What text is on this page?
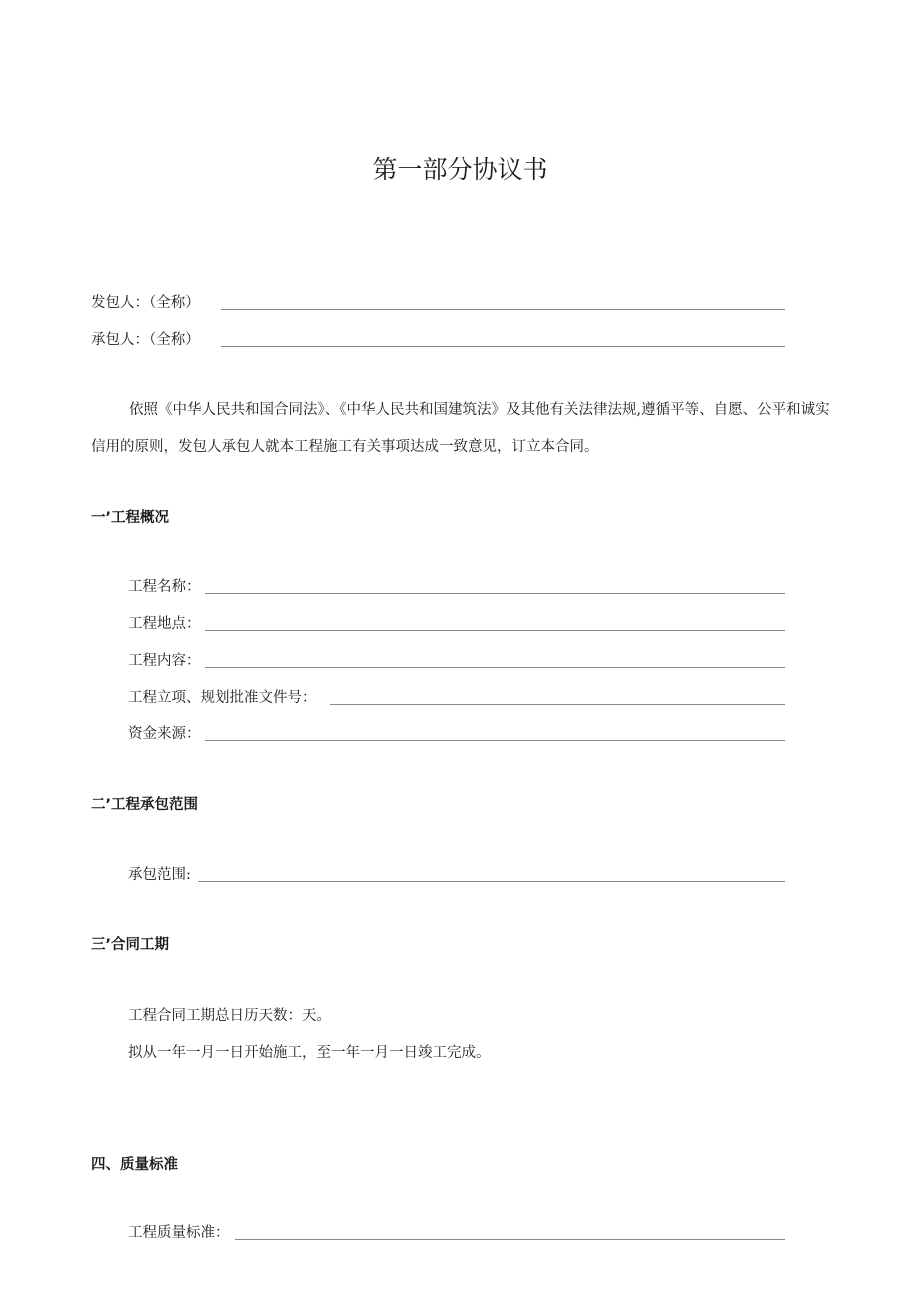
第一部分协议书
发包人：（全称）
承包人：（全称）
依照《中华人民共和国合同法》、《中华人民共和国建筑法》及其他有关法律法规,遵循平等、自愿、公平和诚实信用的原则，发包人承包人就本工程施工有关事项达成一致意见，订立本合同。
一’工程概况
工程名称：
工程地点：
工程内容：
工程立项、规划批准文件号：
资金来源：
二’工程承包范围
承包范围:
三’合同工期
工程合同工期总日历天数：天。
拟从一年一月一日开始施工，至一年一月一日竣工完成。
四、质量标准
工程质量标准：
